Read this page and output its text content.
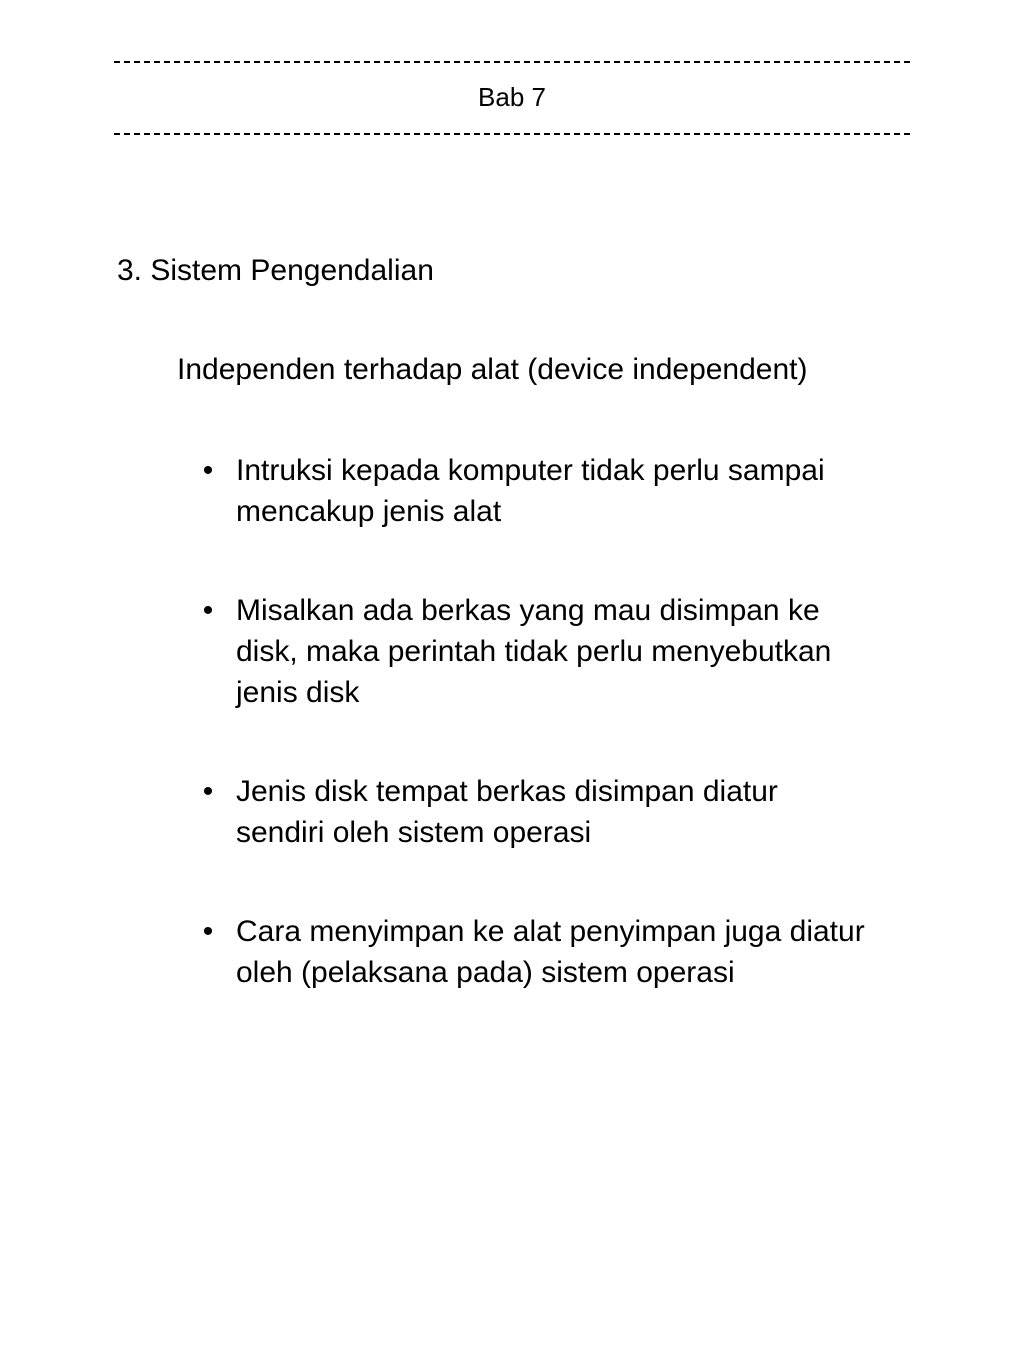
Bab 7
3. Sistem Pengendalian
Independen terhadap alat (device independent)
• Intruksi kepada komputer tidak perlu sampai
mencakup jenis alat
• Misalkan ada berkas yang mau disimpan ke
disk, maka perintah tidak perlu menyebutkan
jenis disk
• Jenis disk tempat berkas disimpan diatur
sendiri oleh sistem operasi
• Cara menyimpan ke alat penyimpan juga diatur
oleh (pelaksana pada) sistem operasi
